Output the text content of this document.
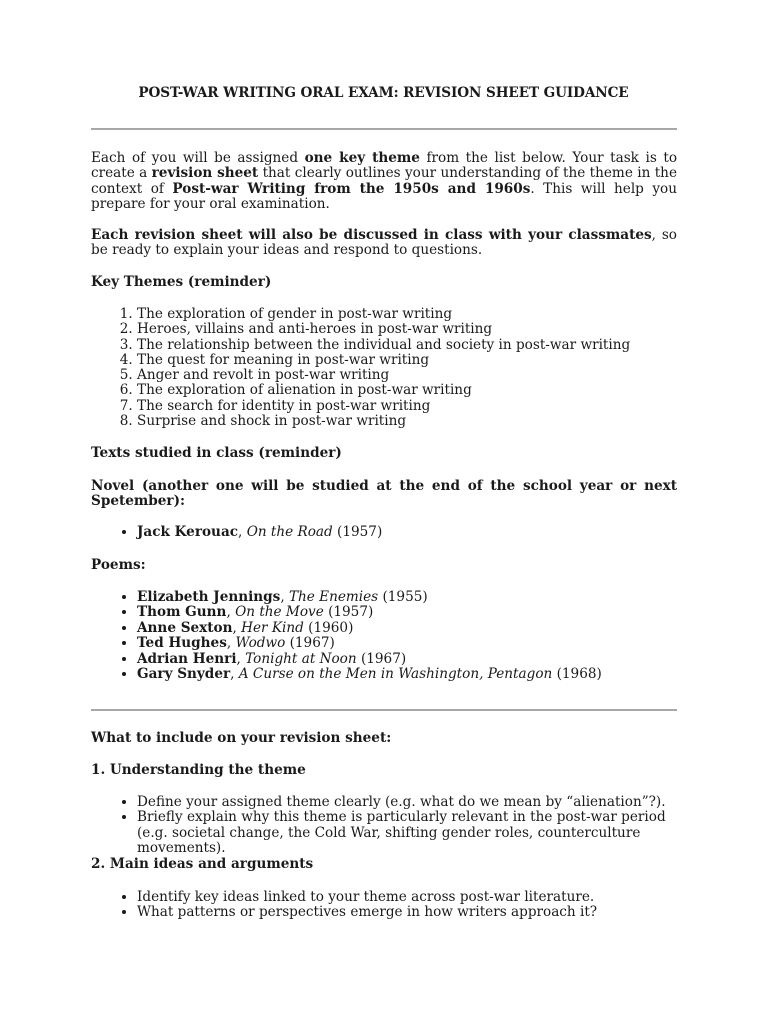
POST-WAR WRITING ORAL EXAM: REVISION SHEET GUIDANCE

Each of you will be assigned one key theme from the list below. Your task is to create a revision sheet that clearly outlines your understanding of the theme in the context of Post-war Writing from the 1950s and 1960s. This will help you prepare for your oral examination.

Each revision sheet will also be discussed in class with your classmates, so be ready to explain your ideas and respond to questions.

Key Themes (reminder)

1. The exploration of gender in post-war writing
2. Heroes, villains and anti-heroes in post-war writing
3. The relationship between the individual and society in post-war writing
4. The quest for meaning in post-war writing
5. Anger and revolt in post-war writing
6. The exploration of alienation in post-war writing
7. The search for identity in post-war writing
8. Surprise and shock in post-war writing

Texts studied in class (reminder)

Novel (another one will be studied at the end of the school year or next Spetember):

• Jack Kerouac, On the Road (1957)

Poems:

• Elizabeth Jennings, The Enemies (1955)
• Thom Gunn, On the Move (1957)
• Anne Sexton, Her Kind (1960)
• Ted Hughes, Wodwo (1967)
• Adrian Henri, Tonight at Noon (1967)
• Gary Snyder, A Curse on the Men in Washington, Pentagon (1968)

What to include on your revision sheet:

1. Understanding the theme

• Define your assigned theme clearly (e.g. what do we mean by “alienation”?).
• Briefly explain why this theme is particularly relevant in the post-war period (e.g. societal change, the Cold War, shifting gender roles, counterculture movements).

2. Main ideas and arguments

• Identify key ideas linked to your theme across post-war literature.
• What patterns or perspectives emerge in how writers approach it?
